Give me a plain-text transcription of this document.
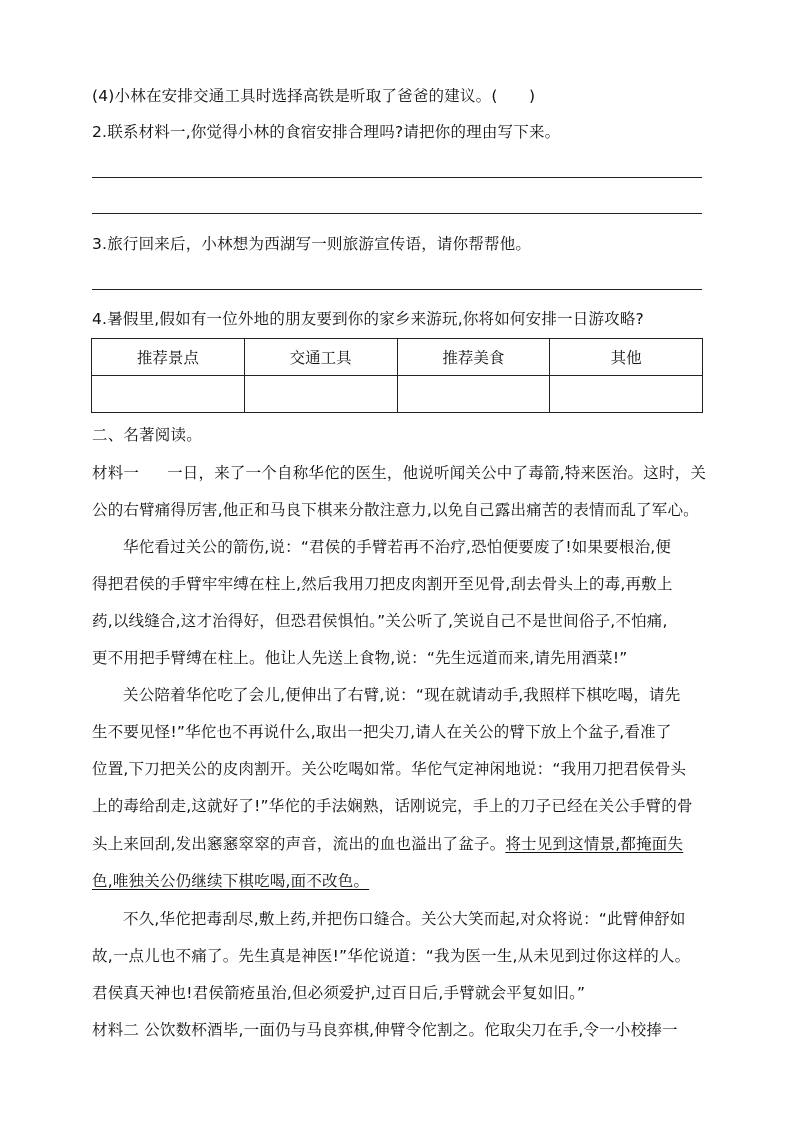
(4)小林在安排交通工具时选择高铁是听取了爸爸的建议。(　　)
2.联系材料一,你觉得小林的食宿安排合理吗?请把你的理由写下来。
3.旅行回来后，小林想为西湖写一则旅游宣传语，请你帮帮他。
4.暑假里,假如有一位外地的朋友要到你的家乡来游玩,你将如何安排一日游攻略?
推荐景点	交通工具	推荐美食	其他

二、名著阅读。
材料一 一日，来了一个自称华佗的医生，他说听闻关公中了毒箭,特来医治。这时，关
公的右臂痛得厉害,他正和马良下棋来分散注意力,以免自己露出痛苦的表情而乱了军心。
华佗看过关公的箭伤,说：“君侯的手臂若再不治疗,恐怕便要废了!如果要根治,便
得把君侯的手臂牢牢缚在柱上,然后我用刀把皮肉割开至见骨,刮去骨头上的毒,再敷上
药,以线缝合,这才治得好，但恐君侯惧怕。”关公听了,笑说自己不是世间俗子,不怕痛,
更不用把手臂缚在柱上。他让人先送上食物,说：“先生远道而来,请先用酒菜!”
关公陪着华佗吃了会儿,便伸出了右臂,说：“现在就请动手,我照样下棋吃喝，请先
生不要见怪!”华佗也不再说什么,取出一把尖刀,请人在关公的臂下放上个盆子,看准了
位置,下刀把关公的皮肉割开。关公吃喝如常。华佗气定神闲地说：“我用刀把君侯骨头
上的毒给刮走,这就好了!”华佗的手法娴熟，话刚说完，手上的刀子已经在关公手臂的骨
头上来回刮,发出窸窸窣窣的声音，流出的血也溢出了盆子。将士见到这情景,都掩面失
色,唯独关公仍继续下棋吃喝,面不改色。
不久,华佗把毒刮尽,敷上药,并把伤口缝合。关公大笑而起,对众将说：“此臂伸舒如
故,一点儿也不痛了。先生真是神医!”华佗说道：“我为医一生,从未见到过你这样的人。
君侯真天神也!君侯箭疮虽治,但必须爱护,过百日后,手臂就会平复如旧。”
材料二 公饮数杯酒毕,一面仍与马良弈棋,伸臂令佗割之。佗取尖刀在手,令一小校捧一
